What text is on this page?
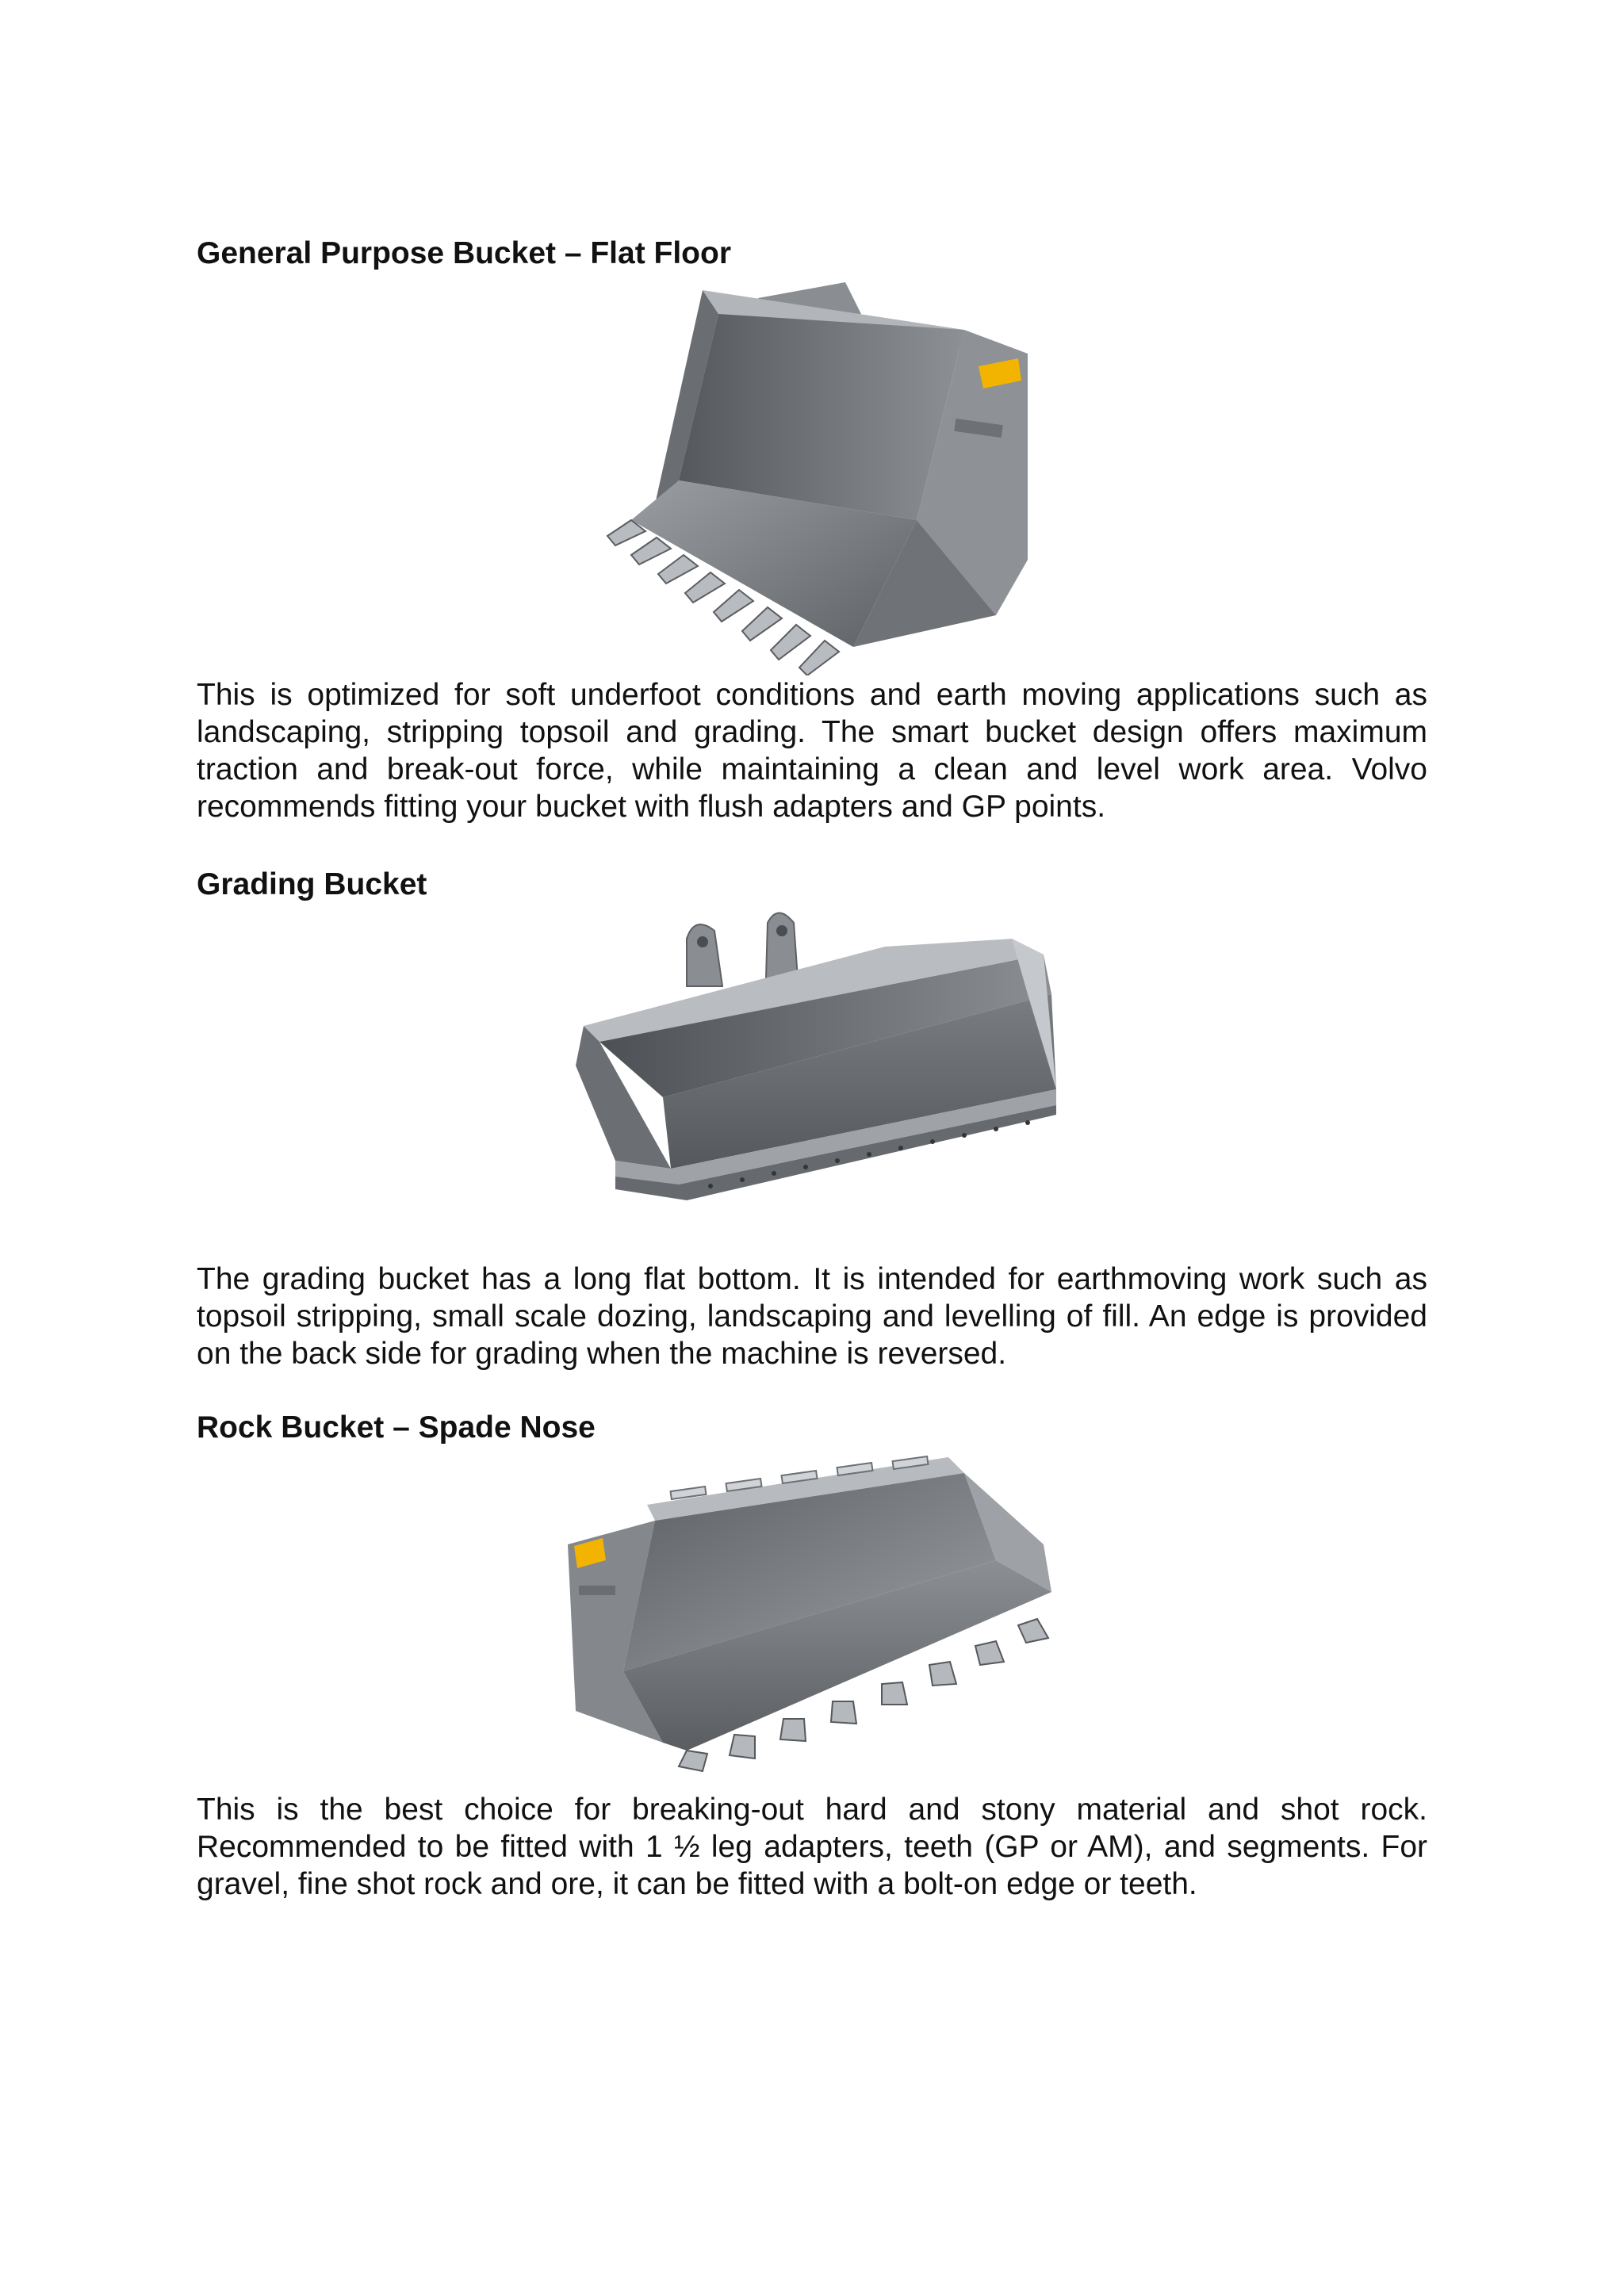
General Purpose Bucket – Flat Floor

This is optimized for soft underfoot conditions and earth moving applications such as landscaping, stripping topsoil and grading. The smart bucket design offers maximum traction and break-out force, while maintaining a clean and level work area. Volvo recommends fitting your bucket with flush adapters and GP points.

Grading Bucket

The grading bucket has a long flat bottom. It is intended for earthmoving work such as topsoil stripping, small scale dozing, landscaping and levelling of fill. An edge is provided on the back side for grading when the machine is reversed.

Rock Bucket – Spade Nose

This is the best choice for breaking-out hard and stony material and shot rock. Recommended to be fitted with 1 ½ leg adapters, teeth (GP or AM), and segments. For gravel, fine shot rock and ore, it can be fitted with a bolt-on edge or teeth.
